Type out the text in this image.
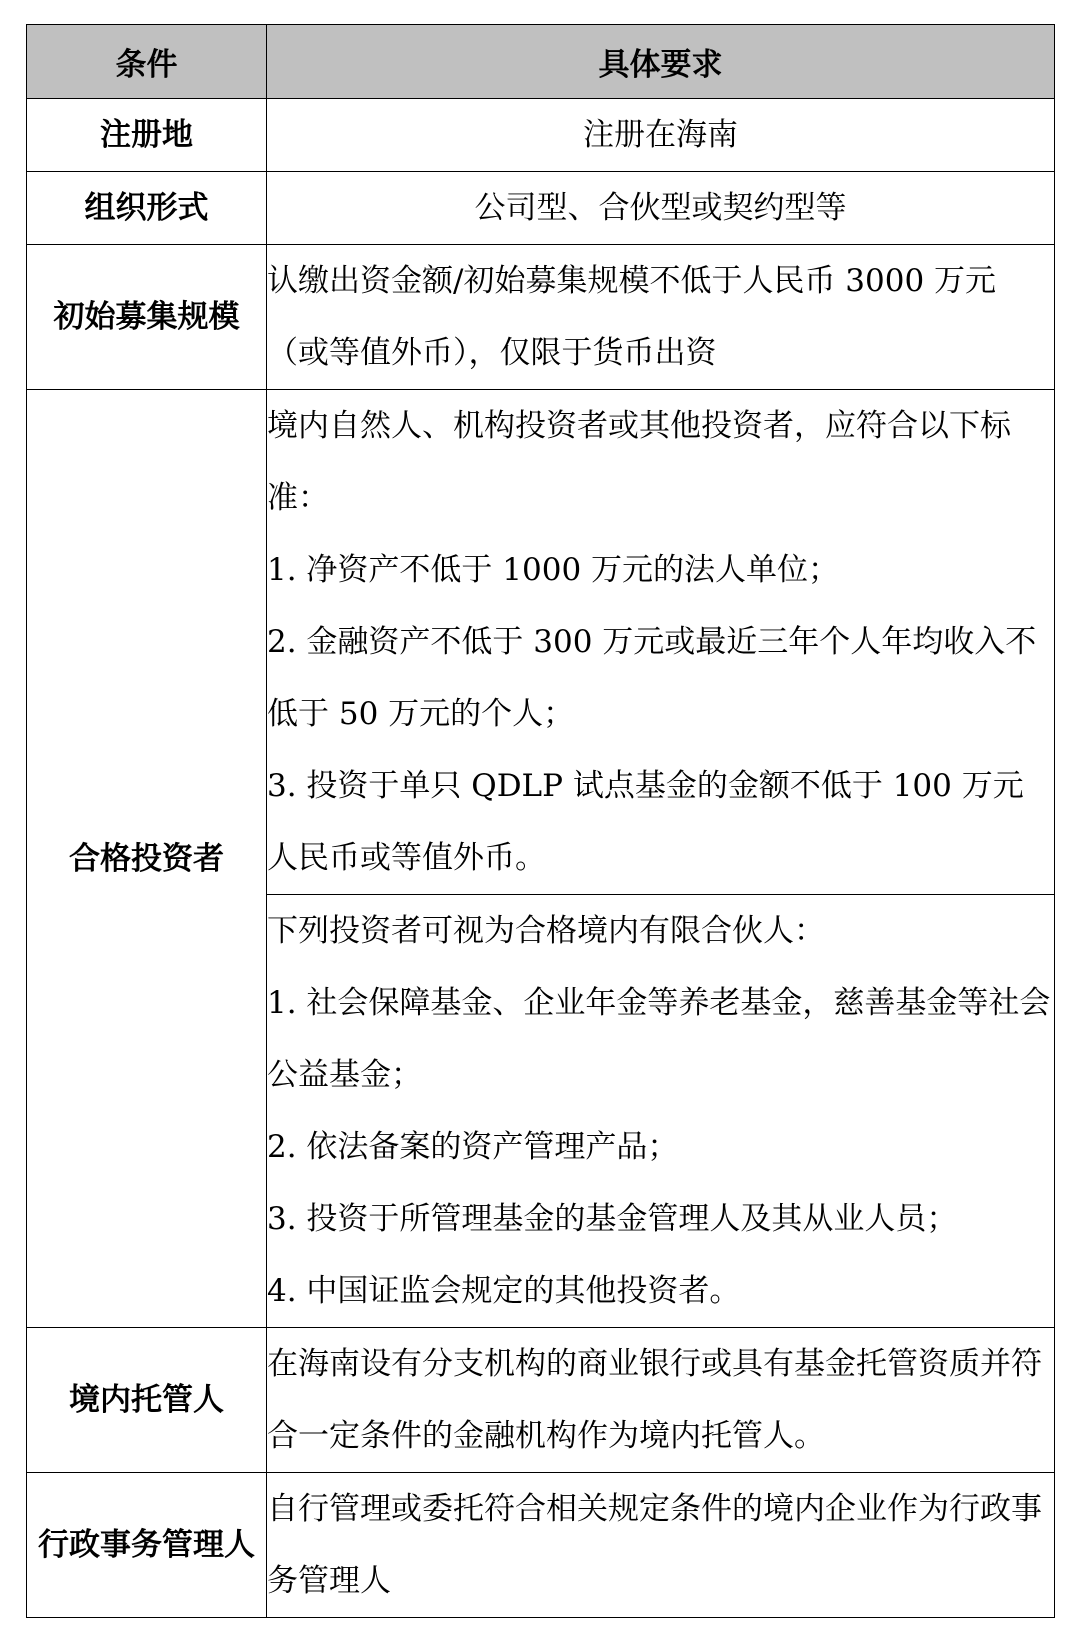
条件	具体要求
注册地	注册在海南
组织形式	公司型、合伙型或契约型等
初始募集规模	认缴出资金额/初始募集规模不低于人民币 3000 万元（或等值外币），仅限于货币出资

合格投资者	境内自然人、机构投资者或其他投资者，应符合以下标准：
1. 净资产不低于 1000 万元的法人单位；
2. 金融资产不低于 300 万元或最近三年个人年均收入不低于 50 万元的个人；
3. 投资于单只 QDLP 试点基金的金额不低于 100 万元人民币或等值外币。

	下列投资者可视为合格境内有限合伙人：
1. 社会保障基金、企业年金等养老基金，慈善基金等社会公益基金；
2. 依法备案的资产管理产品；
3. 投资于所管理基金的基金管理人及其从业人员；
4. 中国证监会规定的其他投资者。

境内托管人	在海南设有分支机构的商业银行或具有基金托管资质并符合一定条件的金融机构作为境内托管人。

行政事务管理人	自行管理或委托符合相关规定条件的境内企业作为行政事务管理人
